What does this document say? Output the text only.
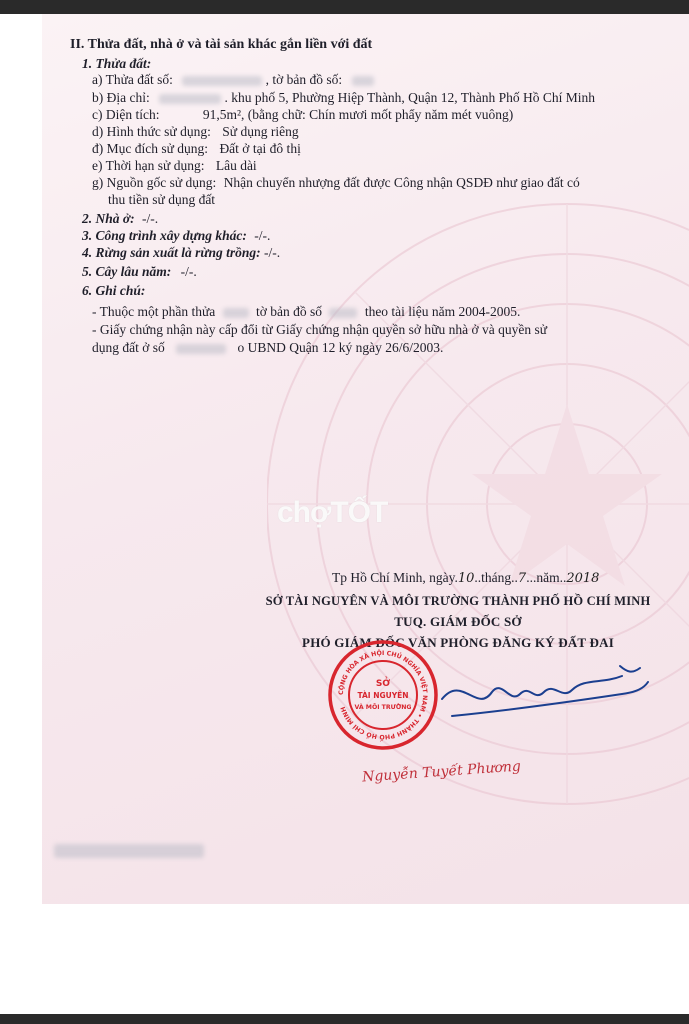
chợTỐT
II. Thửa đất, nhà ở và tài sản khác gắn liền với đất
1. Thửa đất:
a) Thửa đất số:	, tờ bản đồ số:
b) Địa chỉ:	. khu phố 5, Phường Hiệp Thành, Quận 12, Thành Phố Hồ Chí Minh
c) Diện tích:	91,5m², (bằng chữ: Chín mươi mốt phẩy năm mét vuông)
d) Hình thức sử dụng: Sử dụng riêng
đ) Mục đích sử dụng: Đất ở tại đô thị
e) Thời hạn sử dụng: Lâu dài
g) Nguồn gốc sử dụng: Nhận chuyển nhượng đất được Công nhận QSDĐ như giao đất có
thu tiền sử dụng đất
2. Nhà ở: -/-.
3. Công trình xây dựng khác: -/-.
4. Rừng sản xuất là rừng trồng: -/-.
5. Cây lâu năm: -/-.
6. Ghi chú:
- Thuộc một phần thửa	tờ bản đồ số	theo tài liệu năm 2004-2005.
- Giấy chứng nhận này cấp đổi từ Giấy chứng nhận quyền sở hữu nhà ở và quyền sử
dụng đất ở số	o UBND Quận 12 ký ngày 26/6/2003.
Tp Hồ Chí Minh, ngày.10..tháng..7...năm..2018
SỞ TÀI NGUYÊN VÀ MÔI TRƯỜNG THÀNH PHỐ HỒ CHÍ MINH
TUQ. GIÁM ĐỐC SỞ
PHÓ GIÁM ĐỐC VĂN PHÒNG ĐĂNG KÝ ĐẤT ĐAI
CỘNG HÒA XÃ HỘI CHỦ NGHĨA VIỆT NAM • THÀNH PHỐ HỒ CHÍ MINH
SỞ
TÀI NGUYÊN
VÀ MÔI TRƯỜNG
Nguyễn Tuyết Phương
